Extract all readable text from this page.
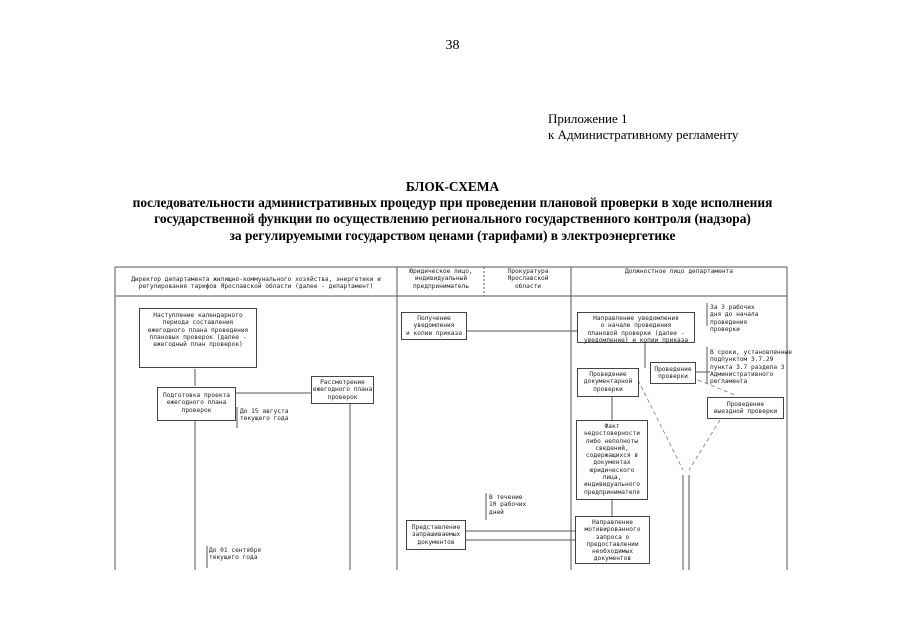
38
Приложение 1
к Административному регламенту
БЛОК-СХЕМА
последовательности административных процедур при проведении плановой проверки в ходе исполнения
государственной функции по осуществлению регионального государственного контроля (надзора)
за регулируемыми государством ценами (тарифами) в электроэнергетике
Директор департамента жилищно-коммунального хозяйства, энергетики и
регулирования тарифов Ярославской области (далее - департамент)
Юридическое лицо,
индивидуальный
предприниматель
Прокуратура
Ярославской
области
Должностное лицо департамента
Наступление календарного
периода составления
ежегодного плана проведения
плановых проверок (далее -
ежегодный план проверок)
Подготовка проекта
ежегодного плана
проверок
Рассмотрение
ежегодного плана
проверок
Получение
уведомления
и копии приказа
Представление
запрашиваемых
документов
Направление уведомления
о начале проведения
плановой проверки (далее -
уведомление) и копии приказа
Проведение
документарной
проверки
Проведение
проверки
Проведение
выездной проверки
Факт
недостоверности
либо неполноты
сведений,
содержащихся в
документах
юридического
лица,
индивидуального
предпринимателя
Направление
мотивированного
запроса о
предоставлении
необходимых
документов
До 15 августа
текущего года
До 01 сентября
текущего года
За 3 рабочих
дня до начала
проведения
проверки
В сроки, установленные
подпунктом 3.7.29
пункта 3.7 раздела 3
Административного
регламента
В течение
10 рабочих
дней
